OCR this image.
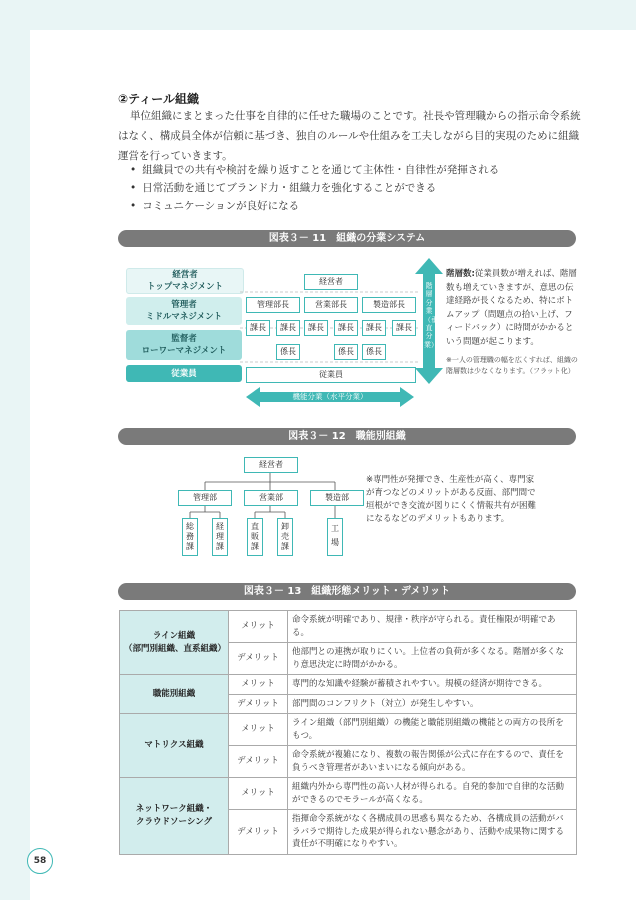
②ティール組織
単位組織にまとまった仕事を自律的に任せた職場のことです。社長や管理職からの指示命令系統はなく、構成員全体が信頼に基づき、独自のルールや仕組みを工夫しながら目的実現のために組織運営を行っていきます。
• 組織員での共有や検討を繰り返すことを通じて主体性・自律性が発揮される
• 日常活動を通じてブランド力・組織力を強化することができる
• コミュニケーションが良好になる
図表３－ 11　組織の分業システム
経営者
トップマネジメント
管理者
ミドルマネジメント
監督者
ローワーマネジメント
従業員
経営者
管理部長	営業部長	製造部長
課長	課長	課長	課長	課長	課長
係長	係長	係長
従業員
階層分業（垂直分業）
機能分業（水平分業）
階層数:従業員数が増えれば、階層数も増えていきますが、意思の伝達経路が長くなるため、特にボトムアップ（問題点の拾い上げ、フィードバック）に時間がかかるという問題が起こります。
※一人の管理職の幅を広くすれば、組織の階層数は少なくなります。（フラット化）
図表３－ 12　職能別組織
経営者
管理部	営業部	製造部
総務課
経理課
直販課
卸売課
工場
※専門性が発揮でき、生産性が高く、専門家が育つなどのメリットがある反面、部門間で垣根ができ交流が図りにくく情報共有が困難になるなどのデメリットもあります。
図表３－ 13　組織形態メリット・デメリット
ライン組織
（部門別組織、直系組織）	メリット	命令系統が明確であり、規律・秩序が守られる。責任権限が明確である。
	デメリット	他部門との連携が取りにくい。上位者の負荷が多くなる。階層が多くなり意思決定に時間がかかる。
職能別組織	メリット	専門的な知識や経験が蓄積されやすい。規模の経済が期待できる。
	デメリット	部門間のコンフリクト（対立）が発生しやすい。
マトリクス組織	メリット	ライン組織（部門別組織）の機能と職能別組織の機能との両方の長所をもつ。
	デメリット	命令系統が複雑になり、複数の報告関係が公式に存在するので、責任を負うべき管理者があいまいになる傾向がある。
ネットワーク組織・
クラウドソーシング	メリット	組織内外から専門性の高い人材が得られる。自発的参加で自律的な活動ができるのでモラールが高くなる。
	デメリット	指揮命令系統がなく各構成員の思惑も異なるため、各構成員の活動がバラバラで期待した成果が得られない懸念があり、活動や成果物に関する責任が不明確になりやすい。
58
